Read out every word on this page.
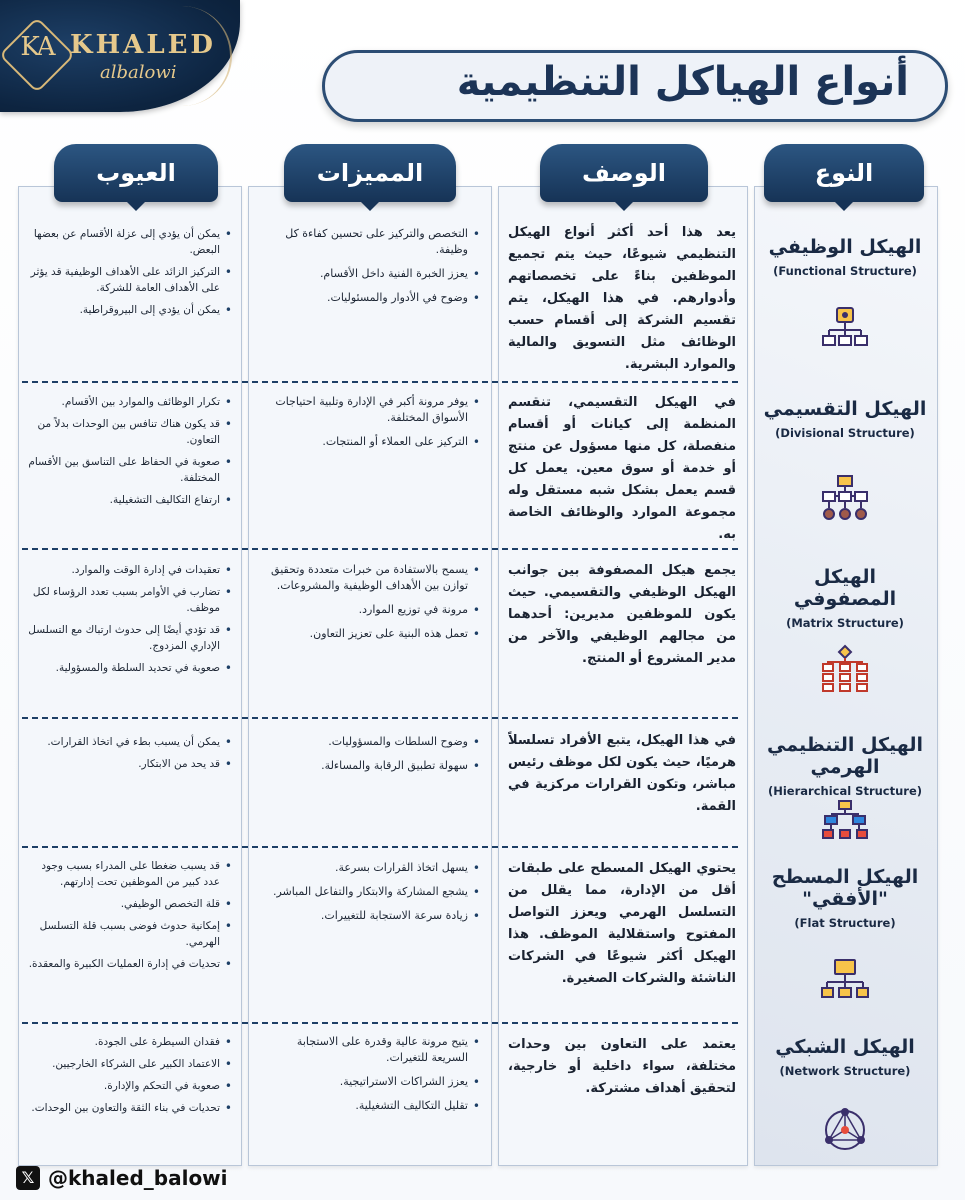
KA KHALED
albalowi	أنواع الهياكل التنظيمية
النوع
الوصف
المميزات
العيوب
الهيكل الوظيفي
(Functional Structure)

يعد هذا أحد أكثر أنواع الهيكل التنظيمي شيوعًا، حيث يتم تجميع الموظفين بناءً على تخصصاتهم وأدوارهم. في هذا الهيكل، يتم تقسيم الشركة إلى أقسام حسب الوظائف مثل التسويق والمالية والموارد البشرية.

• التخصص والتركيز على تحسين كفاءة كل وظيفة.
• يعزز الخبرة الفنية داخل الأقسام.
• وضوح في الأدوار والمسئوليات.
• يمكن أن يؤدي إلى عزلة الأقسام عن بعضها البعض.
• التركيز الزائد على الأهداف الوظيفية قد يؤثر على الأهداف العامة للشركة.
• يمكن أن يؤدي إلى البيروقراطية.
الهيكل التقسيمي
(Divisional Structure)

في الهيكل التقسيمي، تنقسم المنظمة إلى كيانات أو أقسام منفصلة، كل منها مسؤول عن منتج أو خدمة أو سوق معين. يعمل كل قسم يعمل بشكل شبه مستقل وله مجموعة الموارد والوظائف الخاصة به.

• يوفر مرونة أكبر في الإدارة وتلبية احتياجات الأسواق المختلفة.
• التركيز على العملاء أو المنتجات.
• تكرار الوظائف والموارد بين الأقسام.
• قد يكون هناك تنافس بين الوحدات بدلاً من التعاون.
• صعوبة في الحفاظ على التناسق بين الأقسام المختلفة.
• ارتفاع التكاليف التشغيلية.
الهيكل المصفوفي
(Matrix Structure)

يجمع هيكل المصفوفة بين جوانب الهيكل الوظيفي والتقسيمي. حيث يكون للموظفين مديرين: أحدهما من مجالهم الوظيفي والآخر من مدير المشروع أو المنتج.

• يسمح بالاستفادة من خبرات متعددة وتحقيق توازن بين الأهداف الوظيفية والمشروعات.
• مرونة في توزيع الموارد.
• تعمل هذه البنية على تعزيز التعاون.
• تعقيدات في إدارة الوقت والموارد.
• تضارب في الأوامر بسبب تعدد الرؤساء لكل موظف.
• قد تؤدي أيضًا إلى حدوث ارتباك مع التسلسل الإداري المزدوج.
• صعوبة في تحديد السلطة والمسؤولية.
الهيكل التنظيمي الهرمي
(Hierarchical Structure)

في هذا الهيكل، يتبع الأفراد تسلسلاً هرميًا، حيث يكون لكل موظف رئيس مباشر، وتكون القرارات مركزية في القمة.

• وضوح السلطات والمسؤوليات.
• سهولة تطبيق الرقابة والمساءلة.
• يمكن أن يسبب بطء في اتخاذ القرارات.
• قد يحد من الابتكار.
الهيكل المسطح "الأفقي"
(Flat Structure)

يحتوي الهيكل المسطح على طبقات أقل من الإدارة، مما يقلل من التسلسل الهرمي ويعزز التواصل المفتوح واستقلالية الموظف. هذا الهيكل أكثر شيوعًا في الشركات الناشئة والشركات الصغيرة.

• يسهل اتخاذ القرارات بسرعة.
• يشجع المشاركة والابتكار والتفاعل المباشر.
• زيادة سرعة الاستجابة للتغييرات.
• قد يسبب ضغطا على المدراء بسبب وجود عدد كبير من الموظفين تحت إدارتهم.
• قلة التخصص الوظيفي.
• إمكانية حدوث فوضى بسبب قلة التسلسل الهرمي.
• تحديات في إدارة العمليات الكبيرة والمعقدة.
الهيكل الشبكي
(Network Structure)

يعتمد على التعاون بين وحدات مختلفة، سواء داخلية أو خارجية، لتحقيق أهداف مشتركة.

• يتيح مرونة عالية وقدرة على الاستجابة السريعة للتغيرات.
• يعزز الشراكات الاستراتيجية.
• تقليل التكاليف التشغيلية.
• فقدان السيطرة على الجودة.
• الاعتماد الكبير على الشركاء الخارجيين.
• صعوبة في التحكم والإدارة.
• تحديات في بناء الثقة والتعاون بين الوحدات.
𝕏 @khaled_balowi
